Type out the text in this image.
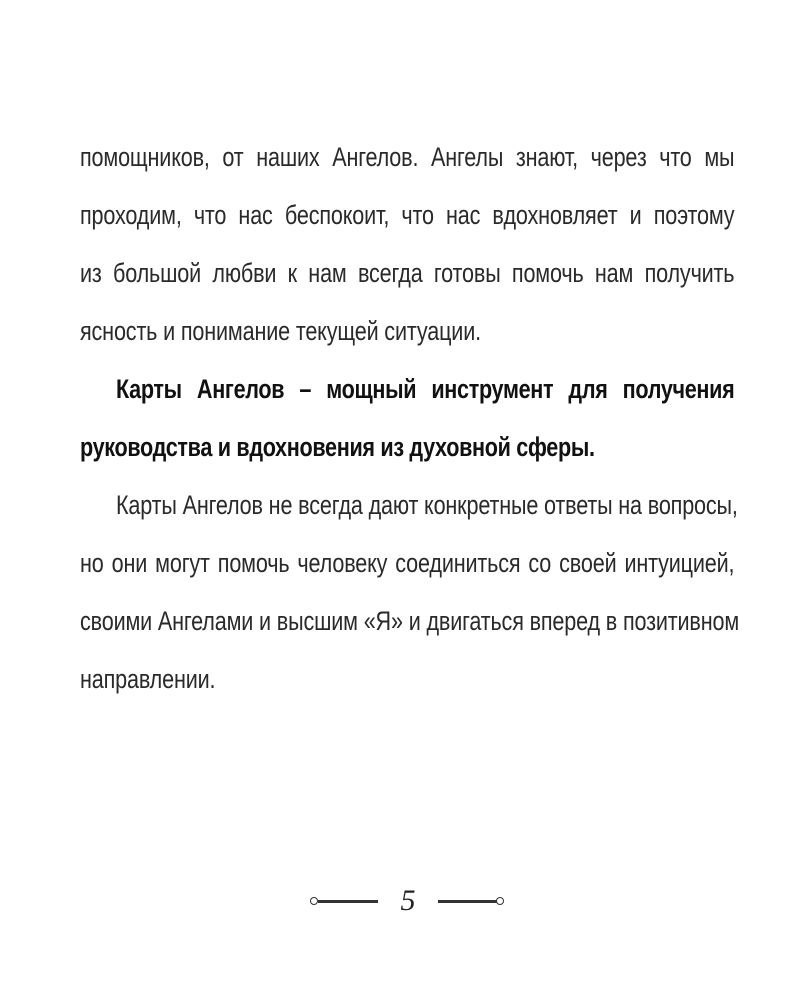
помощников, от наших Ангелов. Ангелы знают, через что мы
проходим, что нас беспокоит, что нас вдохновляет и поэтому
из большой любви к нам всегда готовы помочь нам получить
ясность и понимание текущей ситуации.
Карты Ангелов – мощный инструмент для получения
руководства и вдохновения из духовной сферы.
Карты Ангелов не всегда дают конкретные ответы на вопросы,
но они могут помочь человеку соединиться со своей интуицией,
своими Ангелами и высшим «Я» и двигаться вперед в позитивном
направлении.
5
